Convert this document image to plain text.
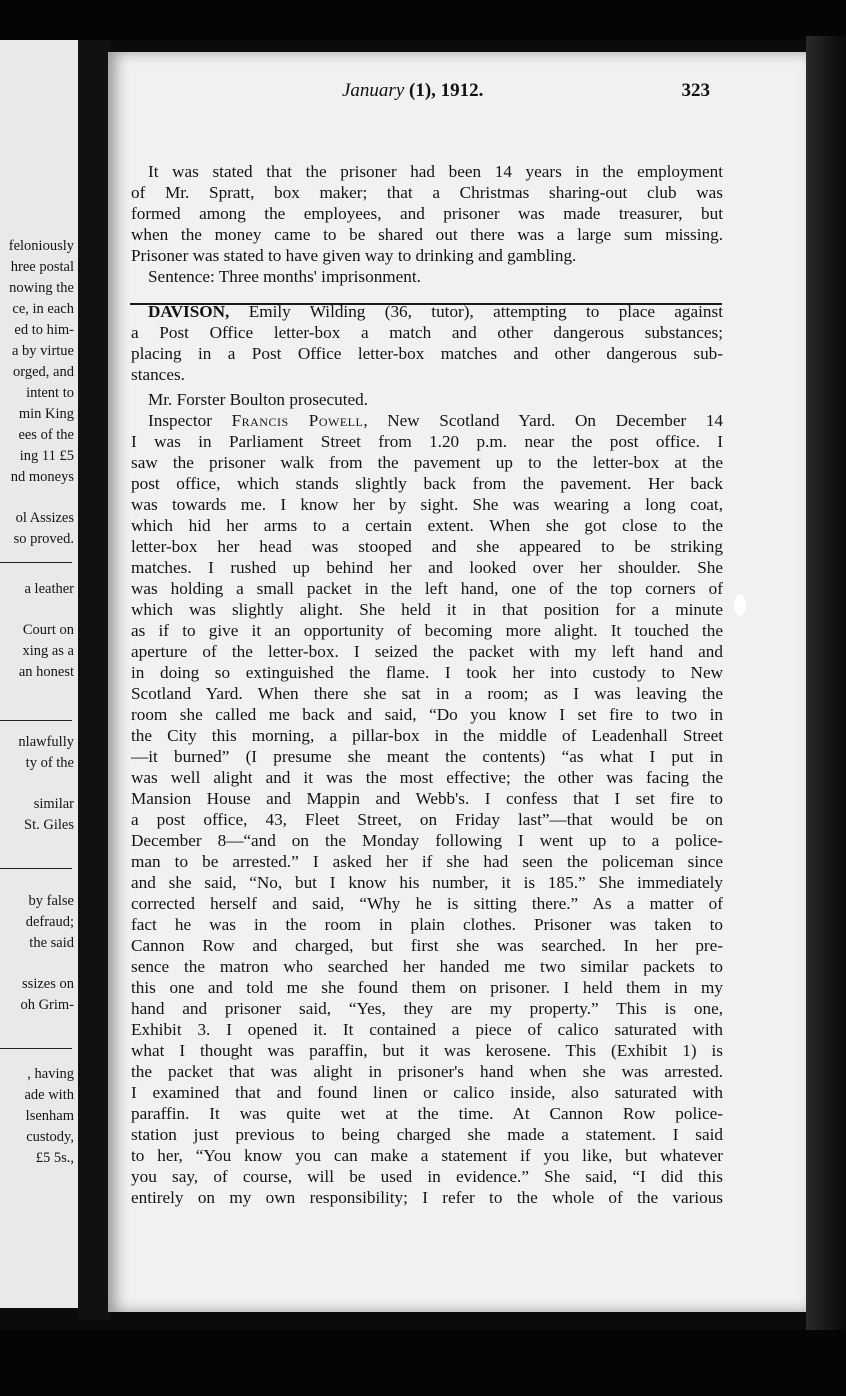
feloniously
hree postal
nowing the
ce, in each
ed to him-
a by virtue
orged, and
intent to
min King
ees of the
ing 11 £5
nd moneys
ol Assizes
so proved.
a leather
Court on
xing as a
an honest
nlawfully
ty of the
similar
St. Giles
by false
defraud;
the said
ssizes on
oh Grim-
, having
ade with
lsenham
custody,
£5 5s.,
January (1), 1912.	323
It was stated that the prisoner had been 14 years in the employment
of Mr. Spratt, box maker; that a Christmas sharing-out club was
formed among the employees, and prisoner was made treasurer, but
when the money came to be shared out there was a large sum missing.
Prisoner was stated to have given way to drinking and gambling.
Sentence: Three months' imprisonment.
DAVISON, Emily Wilding (36, tutor), attempting to place against
a Post Office letter-box a match and other dangerous substances;
placing in a Post Office letter-box matches and other dangerous sub-
stances.
Mr. Forster Boulton prosecuted.
Inspector Francis Powell, New Scotland Yard. On December 14
I was in Parliament Street from 1.20 p.m. near the post office. I
saw the prisoner walk from the pavement up to the letter-box at the
post office, which stands slightly back from the pavement. Her back
was towards me. I know her by sight. She was wearing a long coat,
which hid her arms to a certain extent. When she got close to the
letter-box her head was stooped and she appeared to be striking
matches. I rushed up behind her and looked over her shoulder. She
was holding a small packet in the left hand, one of the top corners of
which was slightly alight. She held it in that position for a minute
as if to give it an opportunity of becoming more alight. It touched the
aperture of the letter-box. I seized the packet with my left hand and
in doing so extinguished the flame. I took her into custody to New
Scotland Yard. When there she sat in a room; as I was leaving the
room she called me back and said, “Do you know I set fire to two in
the City this morning, a pillar-box in the middle of Leadenhall Street
—it burned” (I presume she meant the contents) “as what I put in
was well alight and it was the most effective; the other was facing the
Mansion House and Mappin and Webb's. I confess that I set fire to
a post office, 43, Fleet Street, on Friday last”—that would be on
December 8—“and on the Monday following I went up to a police-
man to be arrested.” I asked her if she had seen the policeman since
and she said, “No, but I know his number, it is 185.” She immediately
corrected herself and said, “Why he is sitting there.” As a matter of
fact he was in the room in plain clothes. Prisoner was taken to
Cannon Row and charged, but first she was searched. In her pre-
sence the matron who searched her handed me two similar packets to
this one and told me she found them on prisoner. I held them in my
hand and prisoner said, “Yes, they are my property.” This is one,
Exhibit 3. I opened it. It contained a piece of calico saturated with
what I thought was paraffin, but it was kerosene. This (Exhibit 1) is
the packet that was alight in prisoner's hand when she was arrested.
I examined that and found linen or calico inside, also saturated with
paraffin. It was quite wet at the time. At Cannon Row police-
station just previous to being charged she made a statement. I said
to her, “You know you can make a statement if you like, but whatever
you say, of course, will be used in evidence.” She said, “I did this
entirely on my own responsibility; I refer to the whole of the various
